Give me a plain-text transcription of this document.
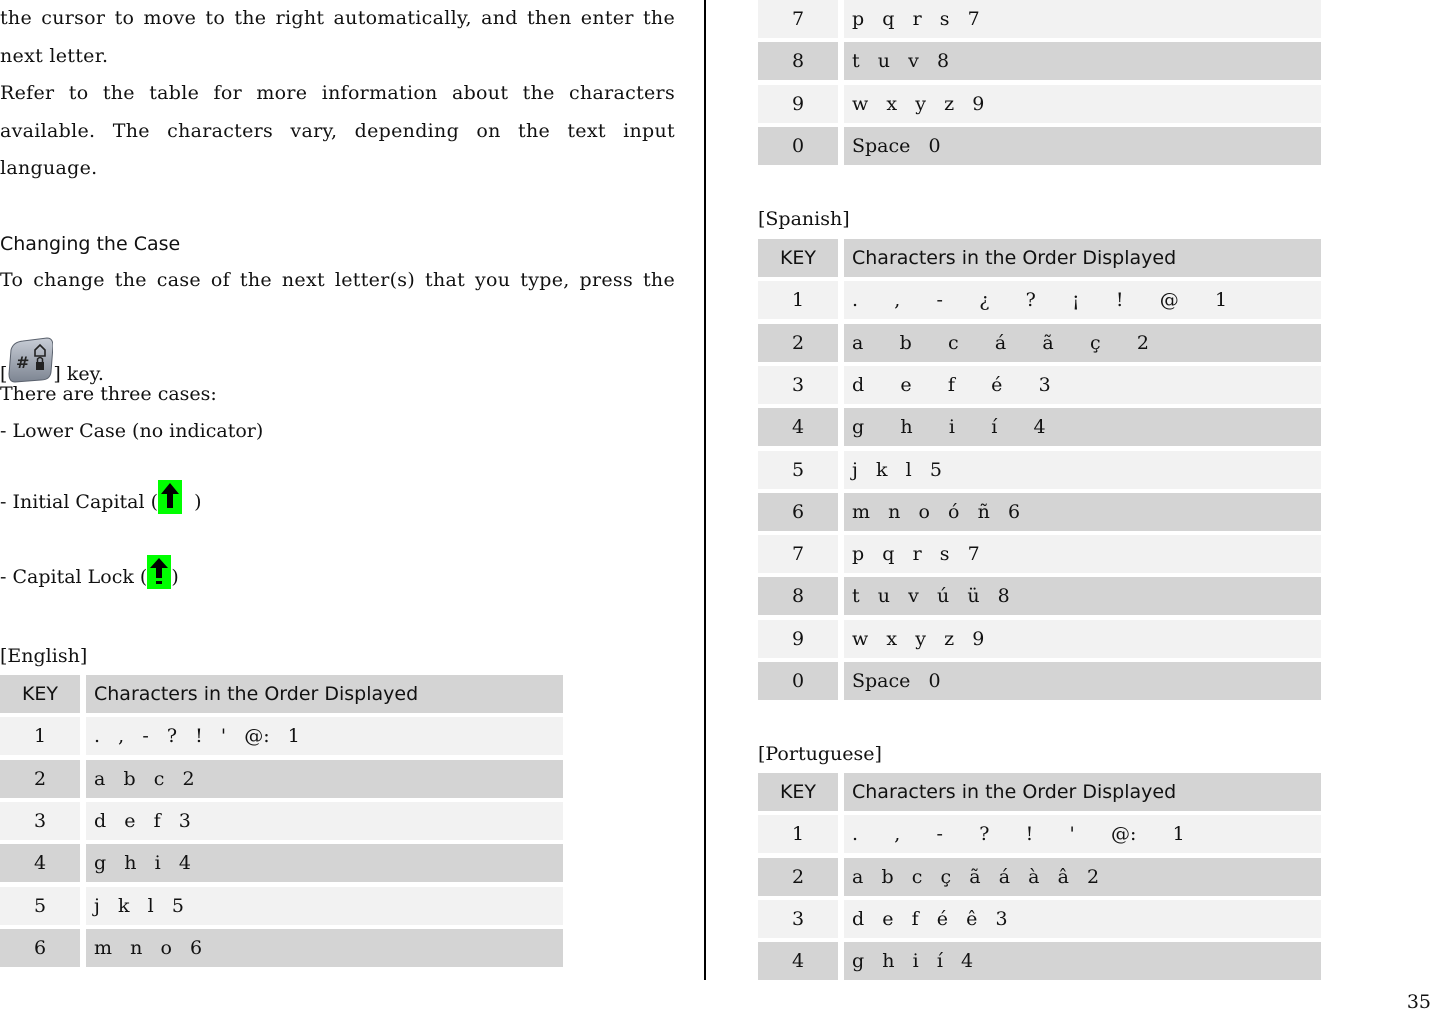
the cursor to move to the right automatically, and then enter the next letter.

Refer to the table for more information about the characters available. The characters vary, depending on the text input language.

Changing the Case

To change the case of the next letter(s) that you type, press the

[
#
] key.
There are three cases:
- Lower Case (no indicator)
- Initial Capital ( )
- Capital Lock ( )
[English]
KEY	Characters in the Order Displayed
1	.   ,   -   ?   !   '   @:   1
2	a   b   c   2
3	d   e   f   3
4	g   h   i   4
5	j   k   l   5
6	m   n   o   6
7	p   q   r   s   7
8	t   u   v   8
9	w   x   y   z   9
0	Space   0
[Spanish]
KEY	Characters in the Order Displayed
1	.      ,      -      ¿      ?      ¡      !      @      1
2	a      b      c      á      ã      ç      2
3	d      e      f      é      3
4	g      h      i      í      4
5	j   k   l   5
6	m   n   o   ó   ñ   6
7	p   q   r   s   7
8	t   u   v   ú   ü   8
9	w   x   y   z   9
0	Space   0
[Portuguese]
KEY	Characters in the Order Displayed
1	.      ,      -      ?      !      '      @:      1
2	a   b   c   ç   ã   á   à   â   2
3	d   e   f   é   ê   3
4	g   h   i   í   4
35
